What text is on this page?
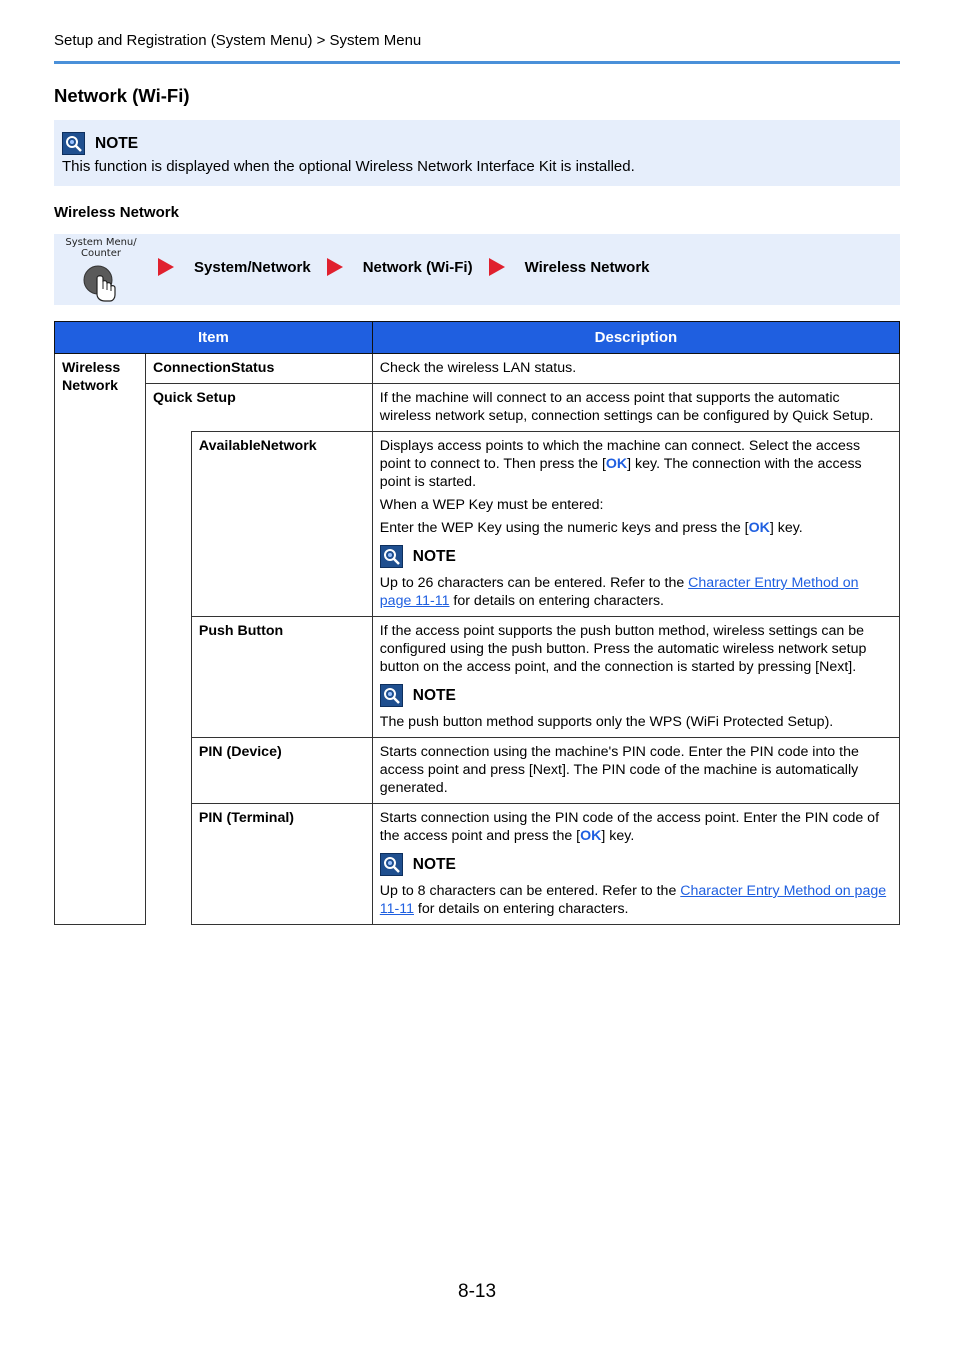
Setup and Registration (System Menu) > System Menu
Network (Wi-Fi)
NOTE
This function is displayed when the optional Wireless Network Interface Kit is installed.
Wireless Network
System Menu/
Counter
System/Network	Network (Wi-Fi)	Wireless Network
Item			Description

Wireless
Network	ConnectionStatus		Check the wireless LAN status.
	Quick Setup		If the machine will connect to an access point that supports the automatic wireless network setup, connection settings can be configured by Quick Setup.
		AvailableNetwork	Displays access points to which the machine can connect. Select the access point to connect to. Then press the [OK] key. The connection with the access point is started.

When a WEP Key must be entered:

Enter the WEP Key using the numeric keys and press the [OK] key.

NOTE

Up to 26 characters can be entered. Refer to the Character Entry Method on page 11-11 for details on entering characters.

		Push Button	If the access point supports the push button method, wireless settings can be configured using the push button. Press the automatic wireless network setup button on the access point, and the connection is started by pressing [Next].

NOTE

The push button method supports only the WPS (WiFi Protected Setup).

		PIN (Device)	Starts connection using the machine's PIN code. Enter the PIN code into the access point and press [Next]. The PIN code of the machine is automatically generated.
		PIN (Terminal)	Starts connection using the PIN code of the access point. Enter the PIN code of the access point and press the [OK] key.

NOTE

Up to 8 characters can be entered. Refer to the Character Entry Method on page 11-11 for details on entering characters.

8-13
